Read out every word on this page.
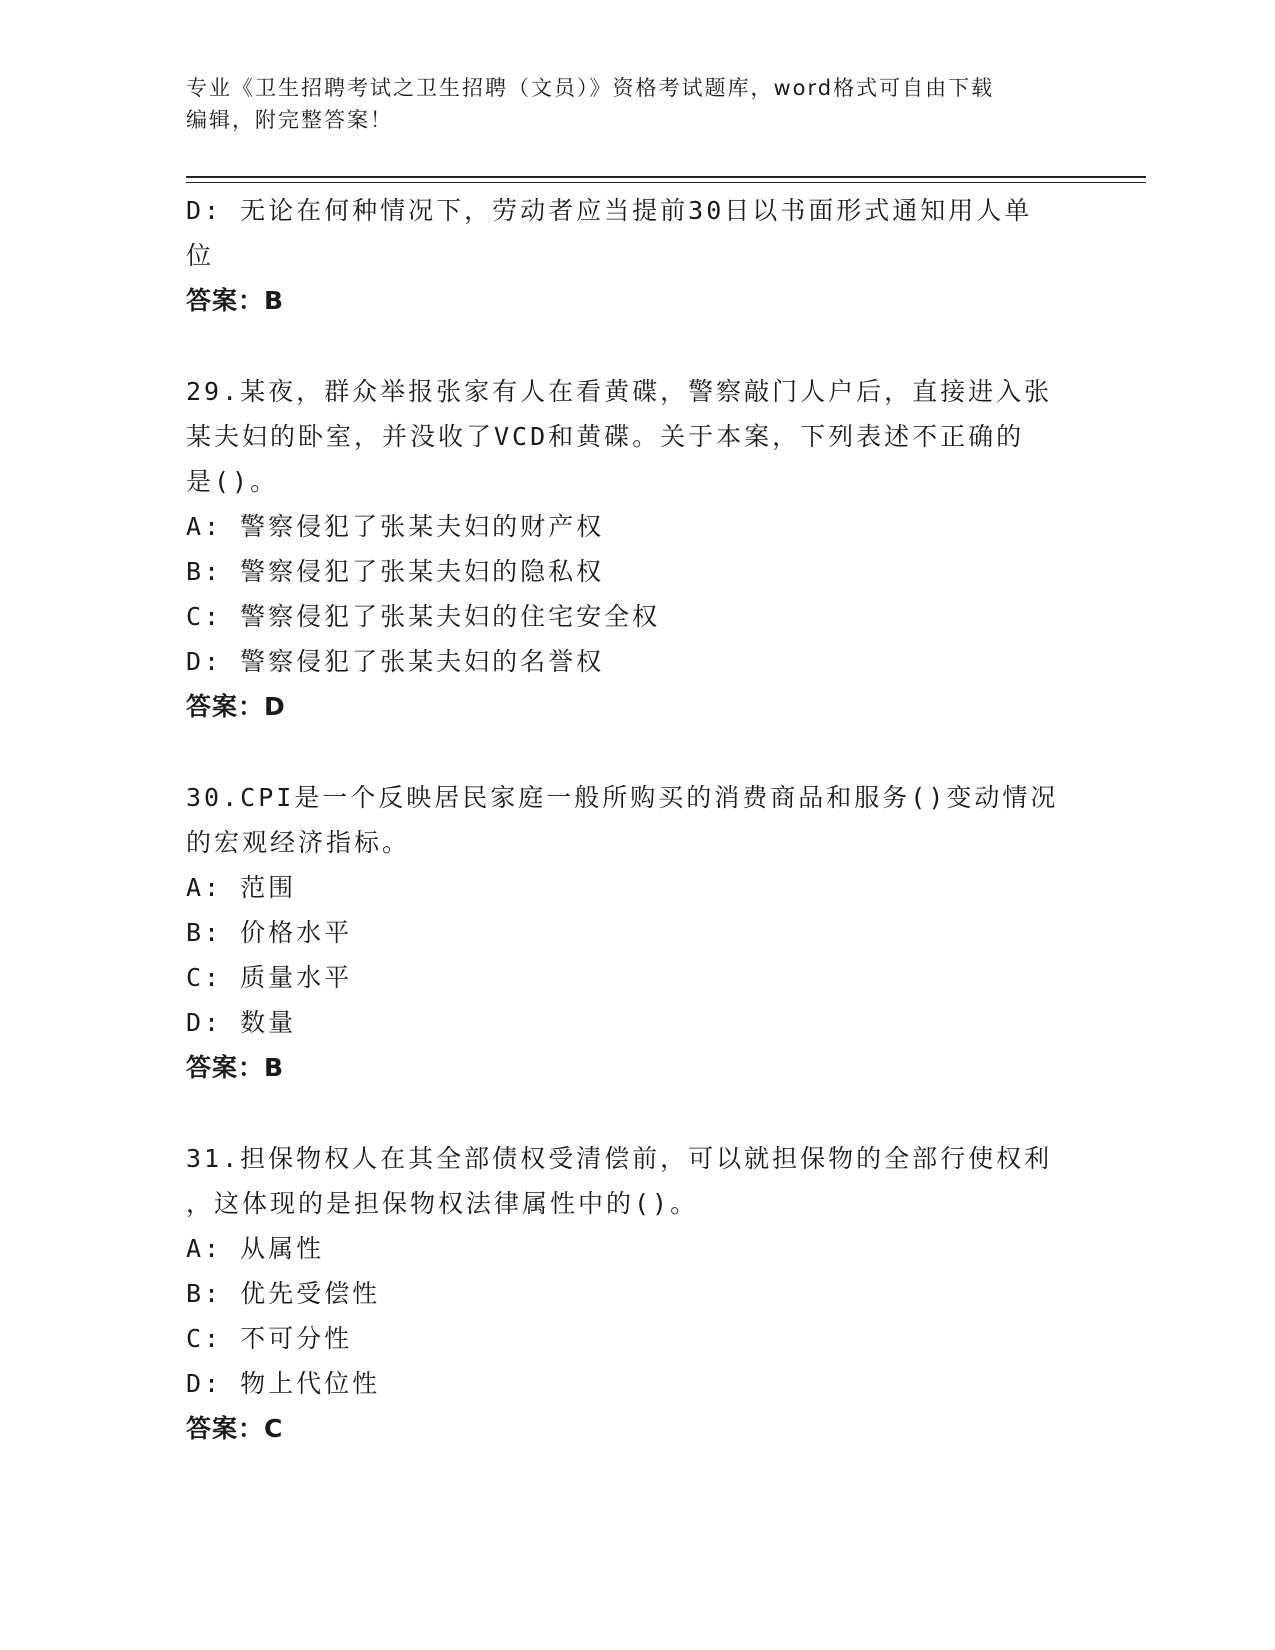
专业《卫生招聘考试之卫生招聘（文员）》资格考试题库，word格式可自由下载
编辑，附完整答案！
D: 无论在何种情况下，劳动者应当提前30日以书面形式通知用人单
位
答案：B
29.某夜，群众举报张家有人在看黄碟，警察敲门人户后，直接进入张
某夫妇的卧室，并没收了VCD和黄碟。关于本案，下列表述不正确的
是()。
A: 警察侵犯了张某夫妇的财产权
B: 警察侵犯了张某夫妇的隐私权
C: 警察侵犯了张某夫妇的住宅安全权
D: 警察侵犯了张某夫妇的名誉权
答案：D
30.CPI是一个反映居民家庭一般所购买的消费商品和服务()变动情况
的宏观经济指标。
A: 范围
B: 价格水平
C: 质量水平
D: 数量
答案：B
31.担保物权人在其全部债权受清偿前，可以就担保物的全部行使权利
，这体现的是担保物权法律属性中的()。
A: 从属性
B: 优先受偿性
C: 不可分性
D: 物上代位性
答案：C
